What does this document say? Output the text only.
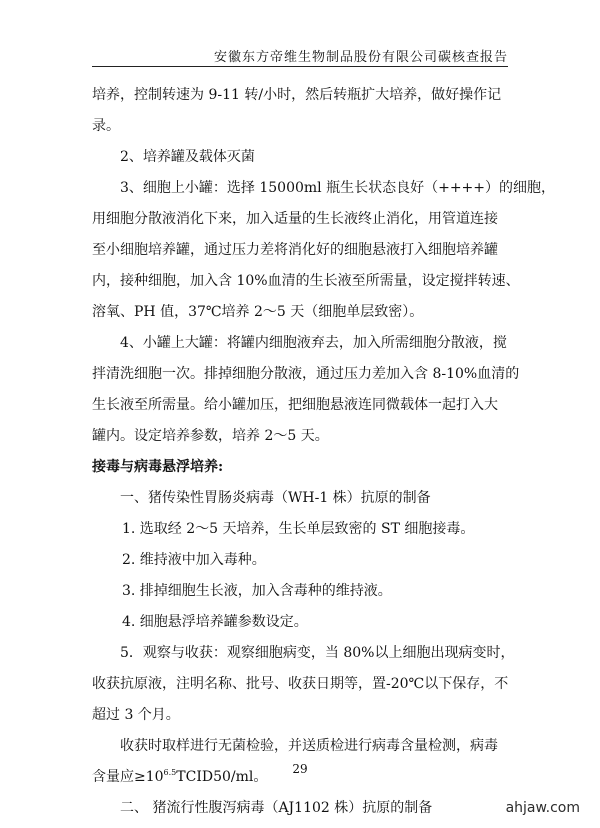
安徽东方帝维生物制品股份有限公司碳核查报告

培养，控制转速为 9-11 转/小时，然后转瓶扩大培养，做好操作记

录。

2、培养罐及载体灭菌

3、细胞上小罐：选择 15000ml 瓶生长状态良好（++++）的细胞，

用细胞分散液消化下来，加入适量的生长液终止消化，用管道连接

至小细胞培养罐，通过压力差将消化好的细胞悬液打入细胞培养罐

内，接种细胞，加入含 10%血清的生长液至所需量，设定搅拌转速、

溶氧、PH 值，37℃培养 2～5 天（细胞单层致密）。

4、小罐上大罐：将罐内细胞液弃去，加入所需细胞分散液，搅

拌清洗细胞一次。排掉细胞分散液，通过压力差加入含 8-10%血清的

生长液至所需量。给小罐加压，把细胞悬液连同微载体一起打入大

罐内。设定培养参数，培养 2～5 天。

接毒与病毒悬浮培养:

一、猪传染性胃肠炎病毒（WH-1 株）抗原的制备

1. 选取经 2～5 天培养，生长单层致密的 ST 细胞接毒。

2. 维持液中加入毒种。

3. 排掉细胞生长液，加入含毒种的维持液。

4. 细胞悬浮培养罐参数设定。

5．观察与收获：观察细胞病变，当 80%以上细胞出现病变时，

收获抗原液，注明名称、批号、收获日期等，置-20℃以下保存，不

超过 3 个月。

收获时取样进行无菌检验，并送质检进行病毒含量检测，病毒

含量应$\ge 10^{6.5}TCID50/ml$。

二、 猪流行性腹泻病毒（AJ1102 株）抗原的制备

29
ahjaw.com
